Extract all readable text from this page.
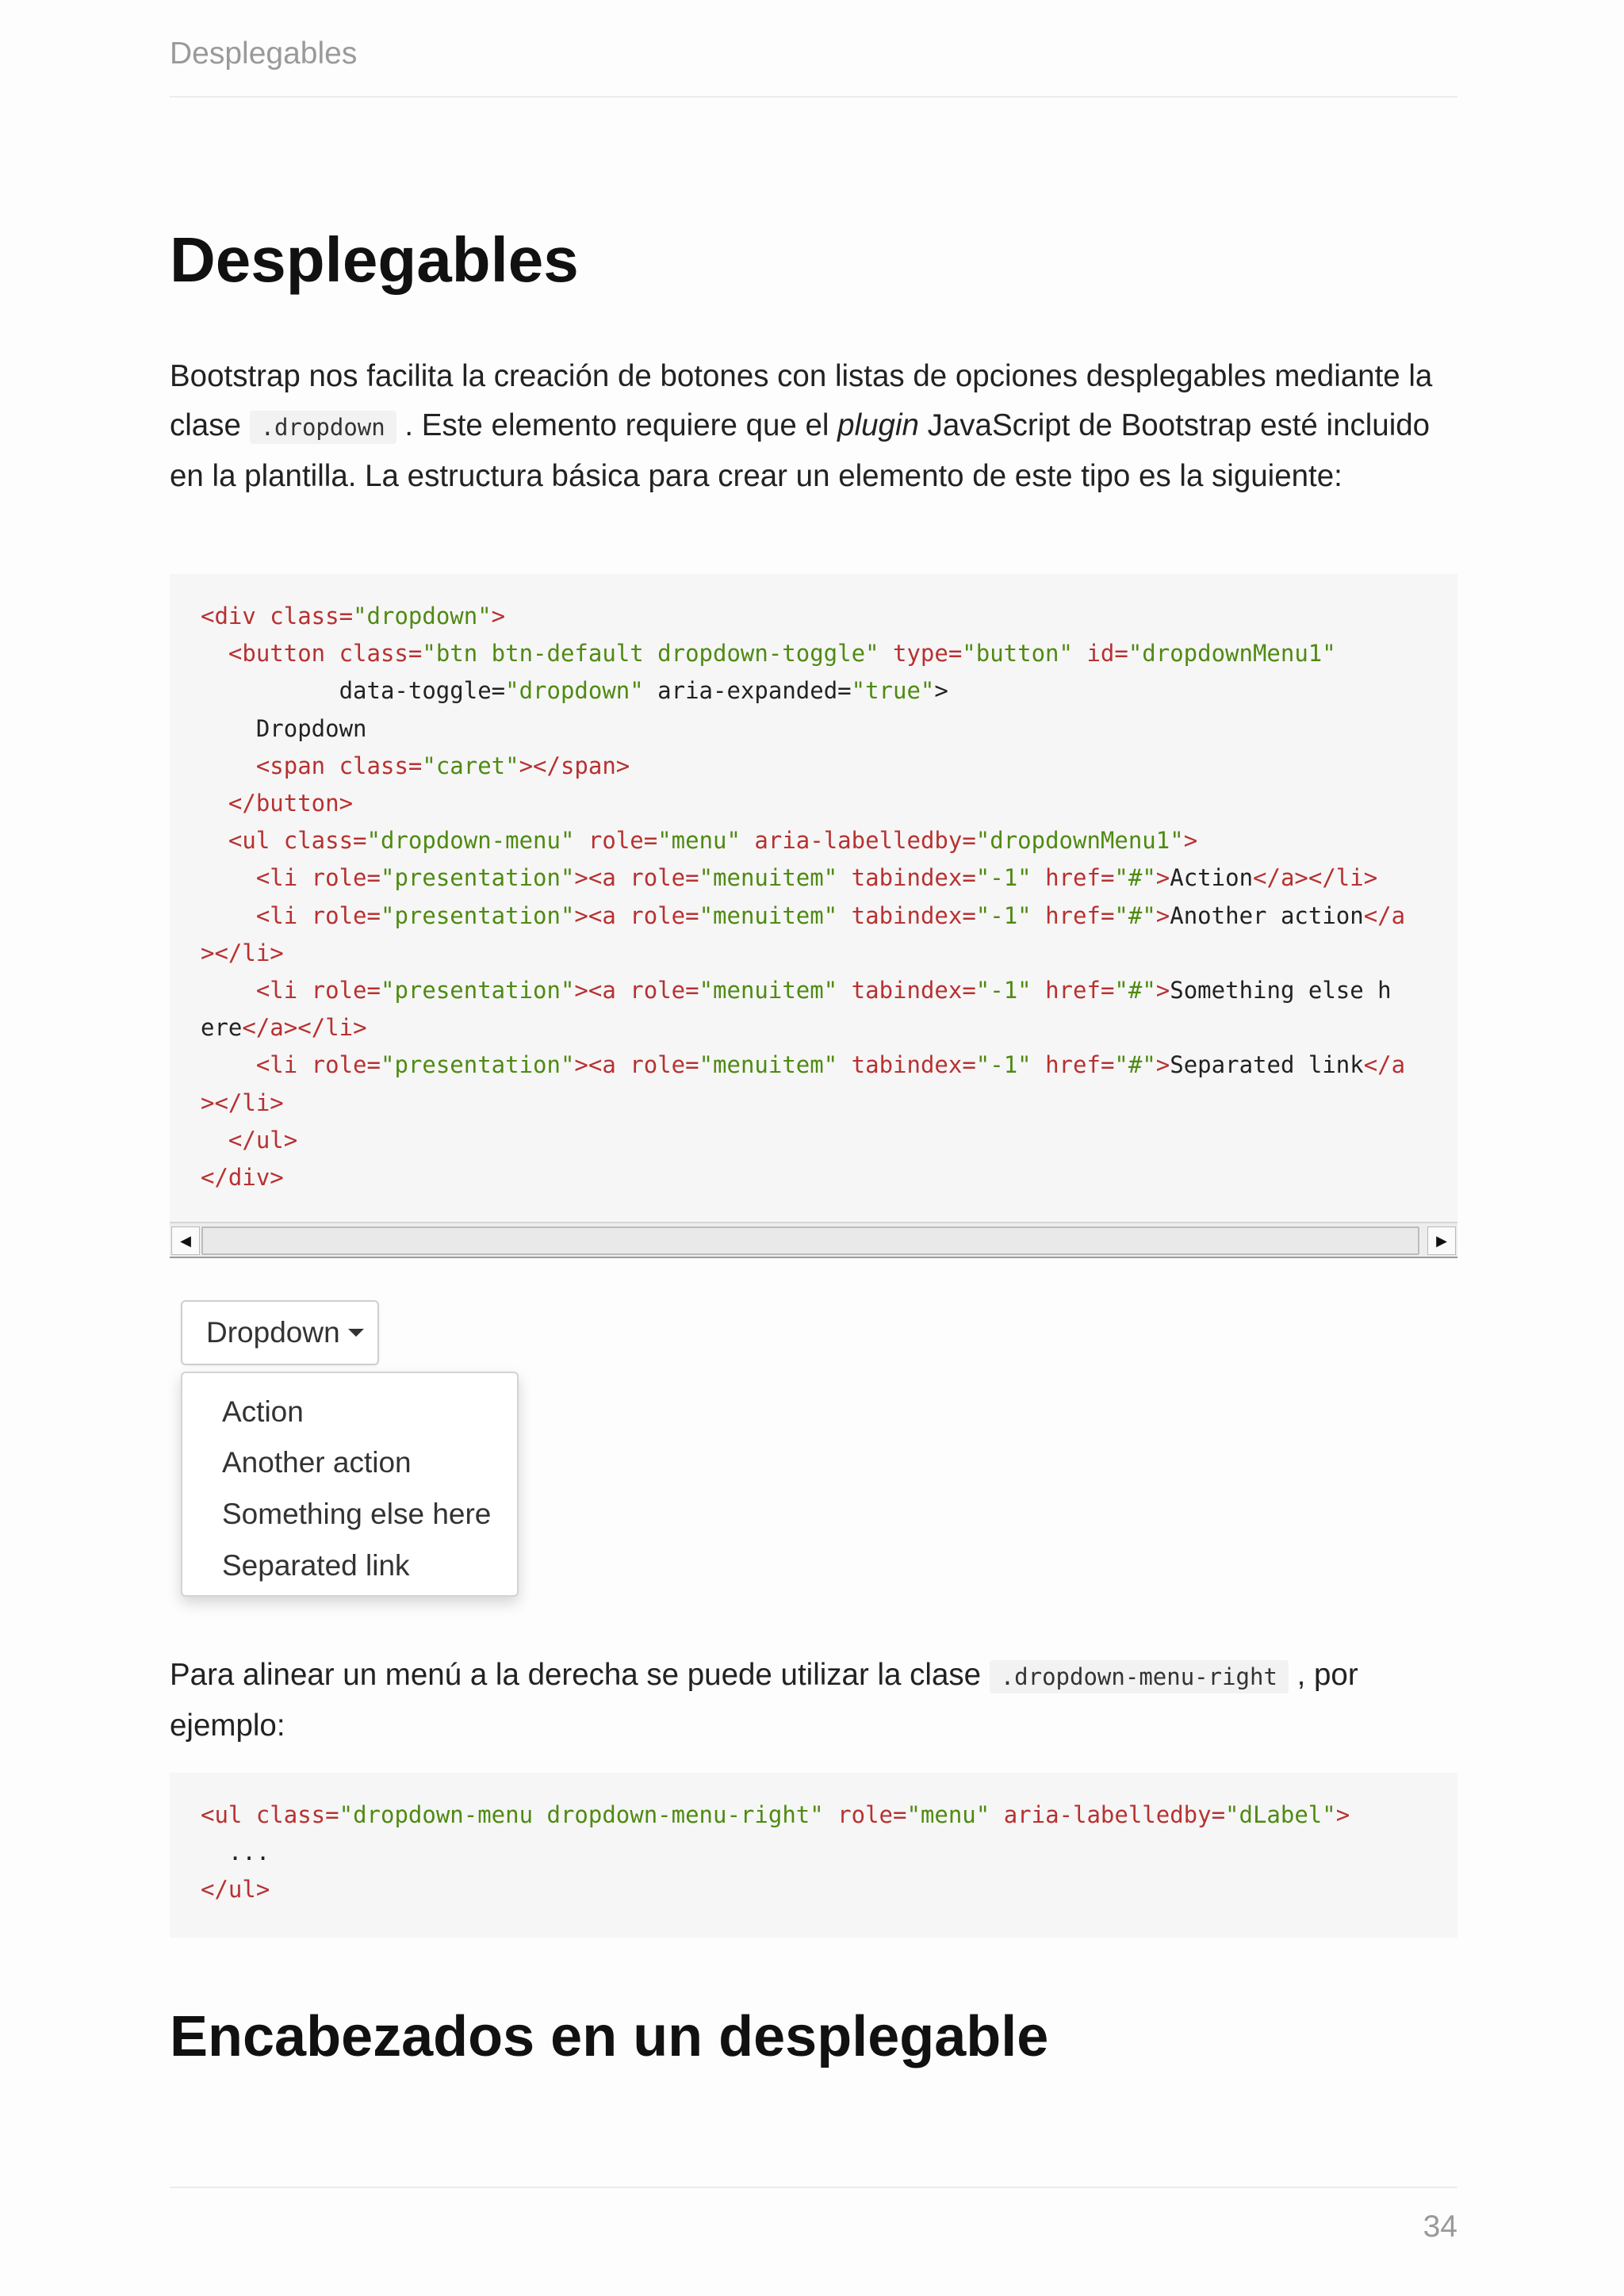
Desplegables
Desplegables

Bootstrap nos facilita la creación de botones con listas de opciones desplegables mediante la clase .dropdown . Este elemento requiere que el plugin JavaScript de Bootstrap esté incluido en la plantilla. La estructura básica para crear un elemento de este tipo es la siguiente:

<div class="dropdown">
<button class="btn btn-default dropdown-toggle" type="button" id="dropdownMenu1"
data-toggle="dropdown" aria-expanded="true">
Dropdown
<span class="caret"></span>
</button>
<ul class="dropdown-menu" role="menu" aria-labelledby="dropdownMenu1">
<li role="presentation"><a role="menuitem" tabindex="-1" href="#">Action</a></li>
<li role="presentation"><a role="menuitem" tabindex="-1" href="#">Another action</a
></li>
<li role="presentation"><a role="menuitem" tabindex="-1" href="#">Something else h
ere</a></li>
<li role="presentation"><a role="menuitem" tabindex="-1" href="#">Separated link</a
></li>
</ul>
</div>
◀	▶
Dropdown
Action
Another action
Something else here
Separated link

Para alinear un menú a la derecha se puede utilizar la clase .dropdown-menu-right , por ejemplo:

<ul class="dropdown-menu dropdown-menu-right" role="menu" aria-labelledby="dLabel">
...
</ul>
Encabezados en un desplegable
34
